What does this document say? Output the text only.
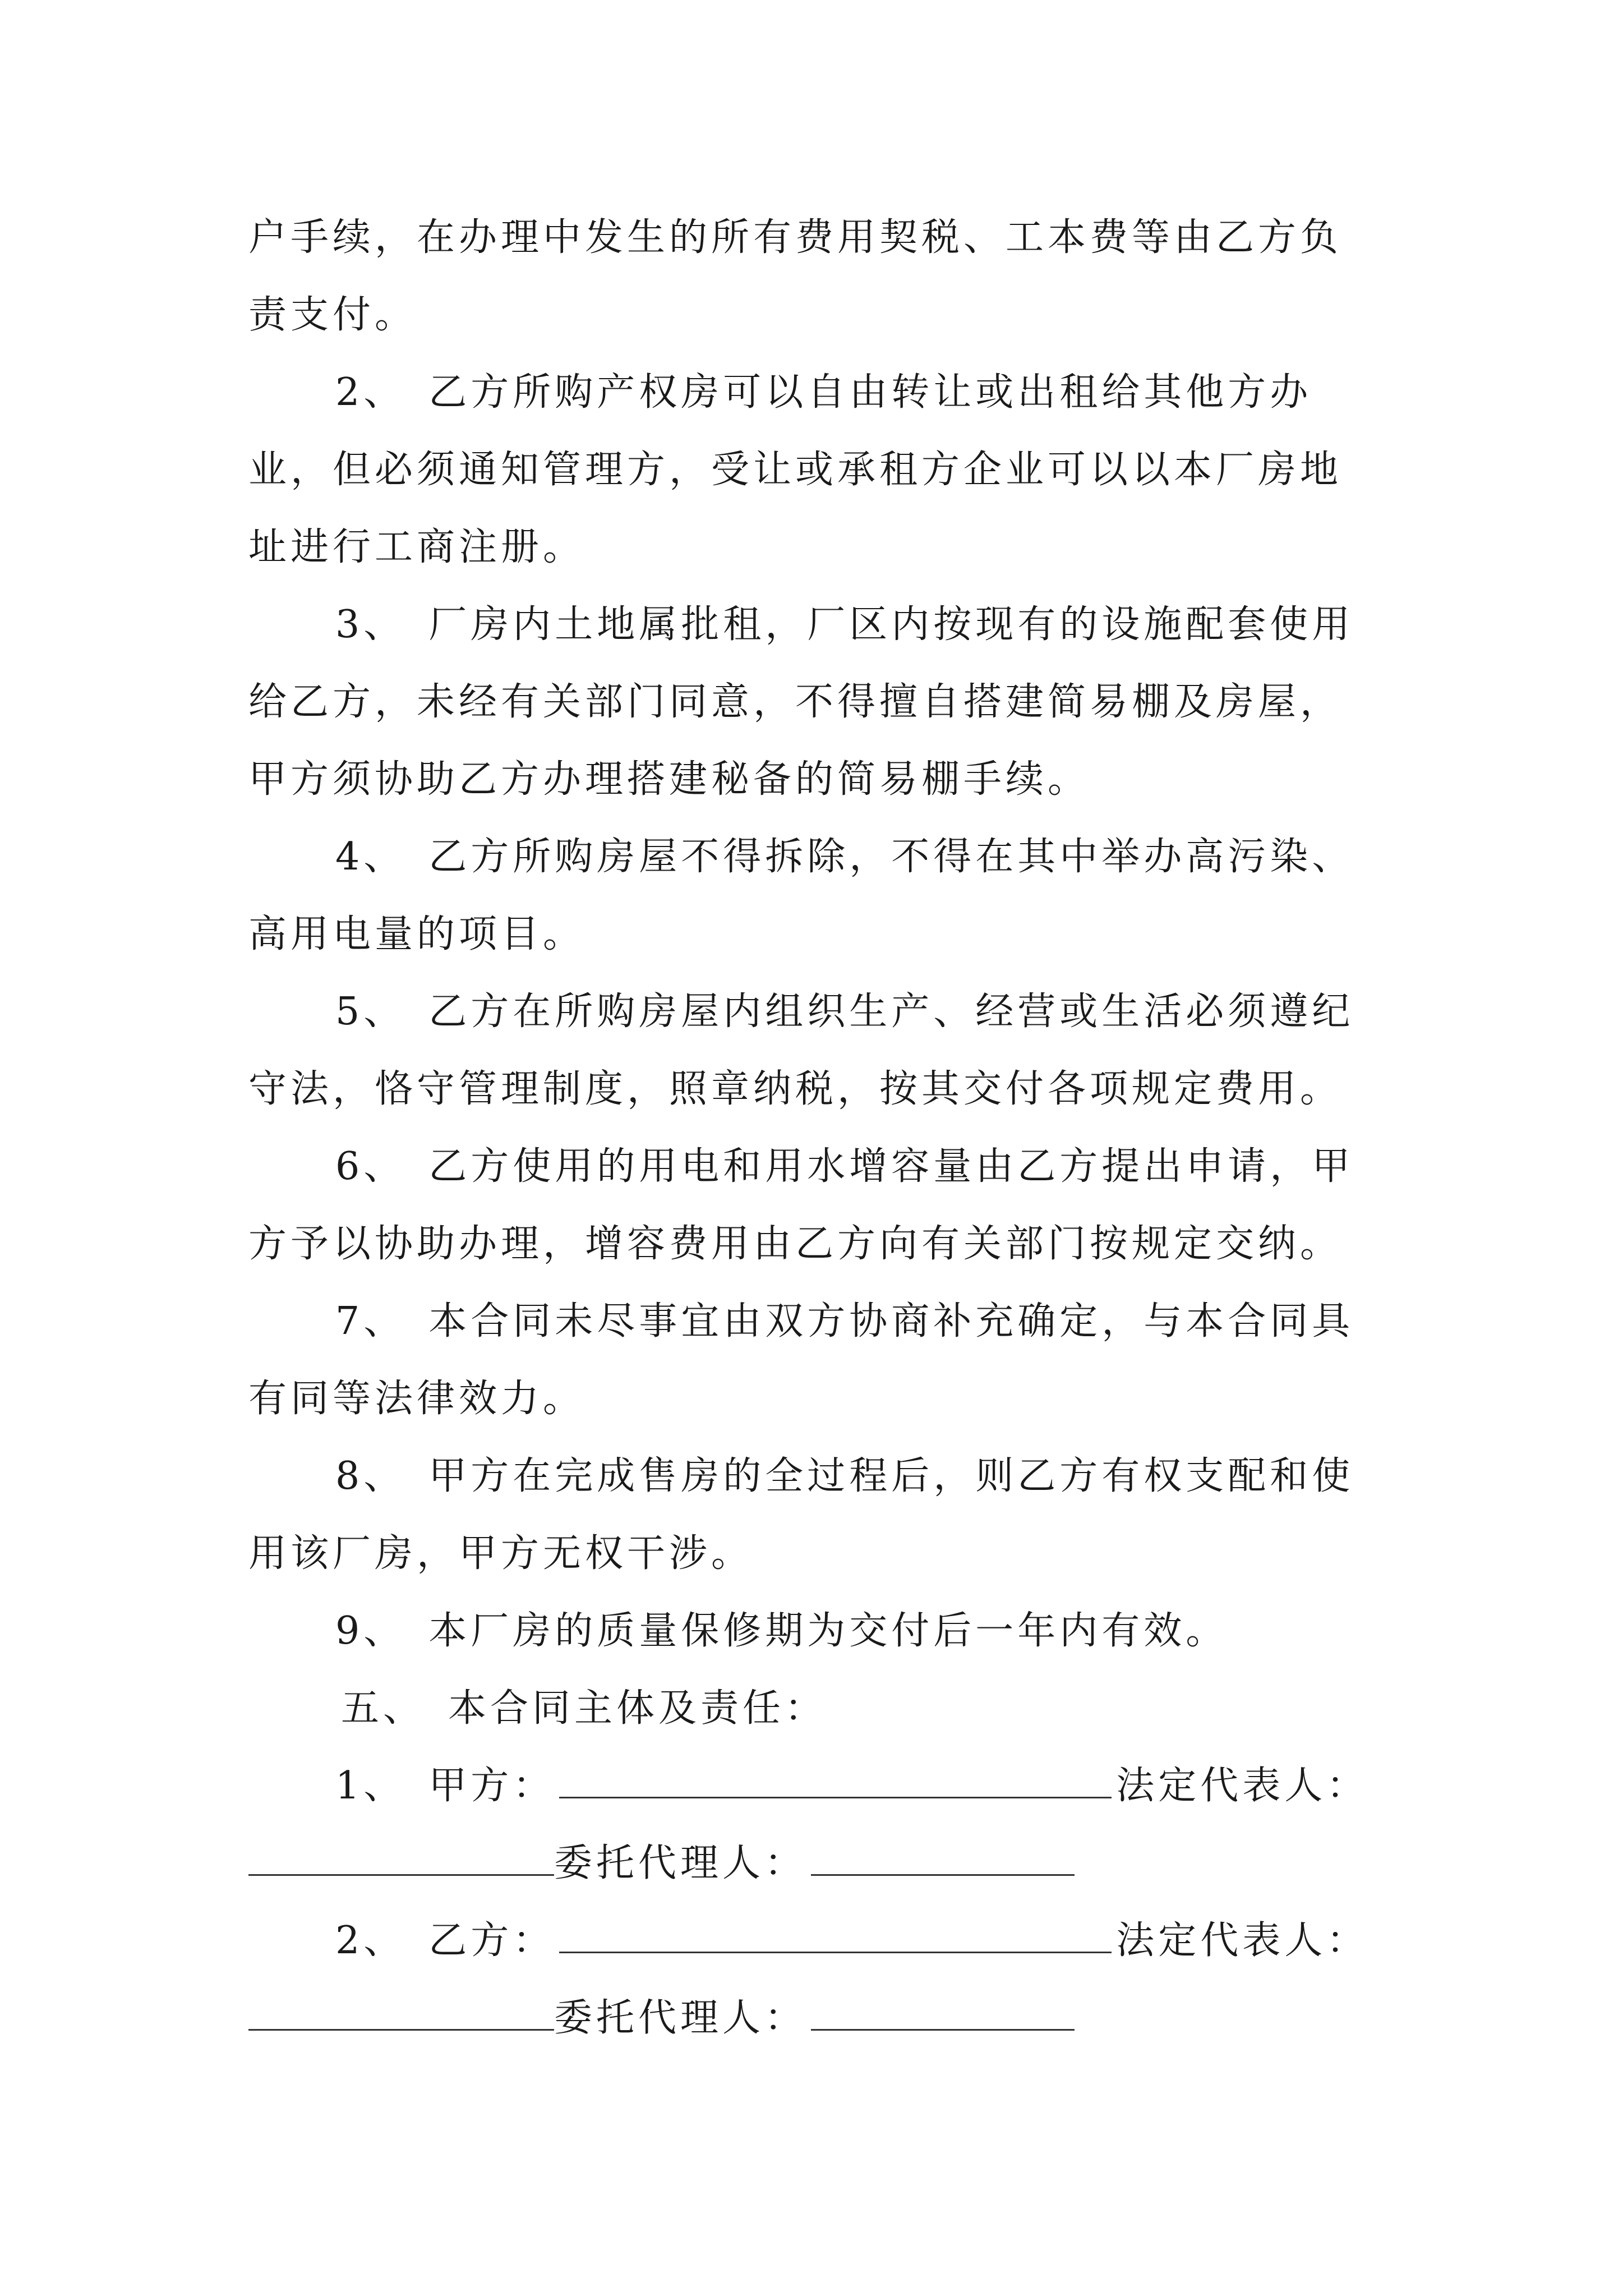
户手续，在办理中发生的所有费用契税、工本费等由乙方负
责支付。
2、　乙方所购产权房可以自由转让或出租给其他方办
业，但必须通知管理方，受让或承租方企业可以以本厂房地
址进行工商注册。
3、　厂房内土地属批租，厂区内按现有的设施配套使用
给乙方，未经有关部门同意，不得擅自搭建简易棚及房屋，
甲方须协助乙方办理搭建秘备的简易棚手续。
4、　乙方所购房屋不得拆除，不得在其中举办高污染、
高用电量的项目。
5、　乙方在所购房屋内组织生产、经营或生活必须遵纪
守法，恪守管理制度，照章纳税，按其交付各项规定费用。
6、　乙方使用的用电和用水增容量由乙方提出申请，甲
方予以协助办理，增容费用由乙方向有关部门按规定交纳。
7、　本合同未尽事宜由双方协商补充确定，与本合同具
有同等法律效力。
8、　甲方在完成售房的全过程后，则乙方有权支配和使
用该厂房，甲方无权干涉。
9、　本厂房的质量保修期为交付后一年内有效。
五、　本合同主体及责任：
1、　甲方：	法定代表人：
委托代理人：
2、　乙方：	法定代表人：
委托代理人：
